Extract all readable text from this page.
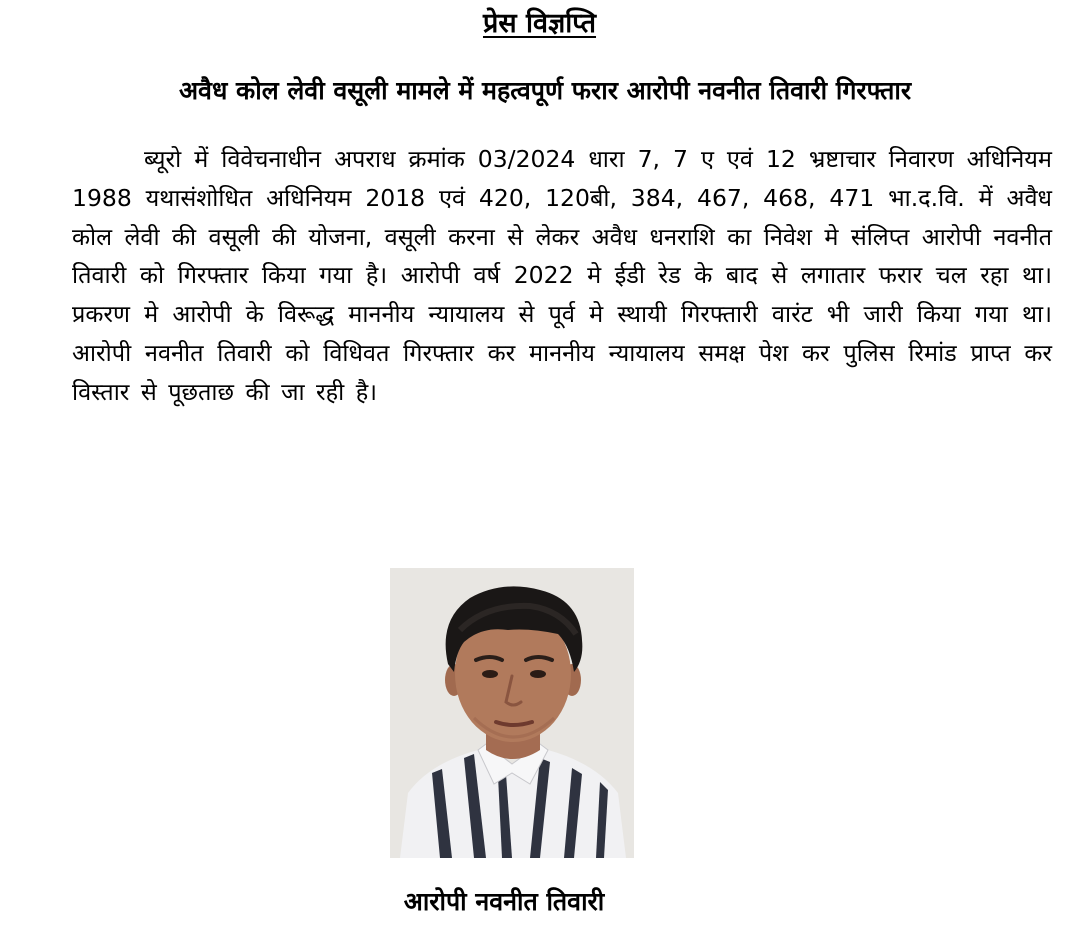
प्रेस विज्ञप्ति
अवैध कोल लेवी वसूली मामले में महत्वपूर्ण फरार आरोपी नवनीत तिवारी गिरफ्तार
ब्यूरो में विवेचनाधीन अपराध क्रमांक 03/2024 धारा 7, 7 ए एवं 12 भ्रष्टाचार निवारण अधिनियम 1988 यथासंशोधित अधिनियम 2018 एवं 420, 120बी, 384, 467, 468, 471 भा.द.वि. में अवैध कोल लेवी की वसूली की योजना, वसूली करना से लेकर अवैध धनराशि का निवेश मे संलिप्त आरोपी नवनीत तिवारी को गिरफ्तार किया गया है। आरोपी वर्ष 2022 मे ईडी रेड के बाद से लगातार फरार चल रहा था। प्रकरण मे आरोपी के विरूद्ध माननीय न्यायालय से पूर्व मे स्थायी गिरफ्तारी वारंट भी जारी किया गया था। आरोपी नवनीत तिवारी को विधिवत गिरफ्तार कर माननीय न्यायालय समक्ष पेश कर पुलिस रिमांड प्राप्त कर विस्तार से पूछताछ की जा रही है।
आरोपी नवनीत तिवारी
